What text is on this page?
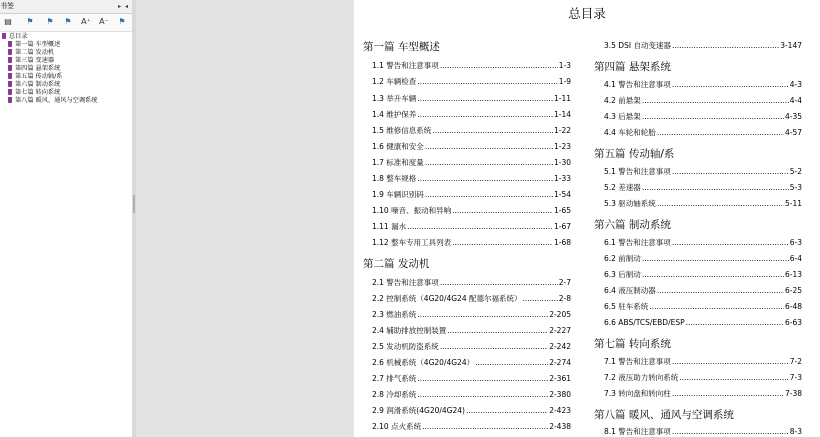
书签	▸ ◂
▤	⚑	⚑	⚑	A⁺ A⁻	⚑
总目录
第一篇 车型概述
第二篇 发动机
第三篇 变速器
第四篇 悬架系统
第五篇 传动轴/系
第六篇 制动系统
第七篇 转向系统
第八篇 暖风、通风与空调系统
总目录
第一篇 车型概述
1.1 警告和注意事项 .....	1-3
1.2 车辆检查 .....	1-9
1.3 举升车辆 .....	1-11
1.4 维护保养 .....	1-14
1.5 维修信息系统 .....	1-22
1.6 健康和安全 .....	1-23
1.7 标准和度量 .....	1-30
1.8 整车规格 .....	1-33
1.9 车辆识别码 .....	1-54
1.10 噪音、振动和异响 .....	1-65
1.11 漏水 .....	1-67
1.12 整车专用工具列表 .....	1-68
第二篇 发动机
2.1 警告和注意事项 .....	2-7
2.2 控制系统（4G20/4G24 配德尔福系统） .....	2-8
2.3 燃油系统 .....	2-205
2.4 辅助排放控制装置 .....	2-227
2.5 发动机防盗系统 .....	2-242
2.6 机械系统（4G20/4G24） .....	2-274
2.7 排气系统 .....	2-361
2.8 冷却系统 .....	2-380
2.9 润滑系统(4G20/4G24) .....	2-423
2.10 点火系统 .....	2-438
3.5 DSI 自动变速器 .....	3-147
第四篇 悬架系统
4.1 警告和注意事项 .....	4-3
4.2 前悬架 .....	4-4
4.3 后悬架 .....	4-35
4.4 车轮和轮胎 .....	4-57
第五篇 传动轴/系
5.1 警告和注意事项 .....	5-2
5.2 差速器 .....	5-3
5.3 驱动轴系统 .....	5-11
第六篇 制动系统
6.1 警告和注意事项 .....	6-3
6.2 前制动 .....	6-4
6.3 后制动 .....	6-13
6.4 液压制动器 .....	6-25
6.5 驻车系统 .....	6-48
6.6 ABS/TCS/EBD/ESP .....	6-63
第七篇 转向系统
7.1 警告和注意事项 .....	7-2
7.2 液压助力转向系统 .....	7-3
7.3 转向盘和转向柱 .....	7-38
第八篇 暖风、通风与空调系统
8.1 警告和注意事项 .....	8-3
